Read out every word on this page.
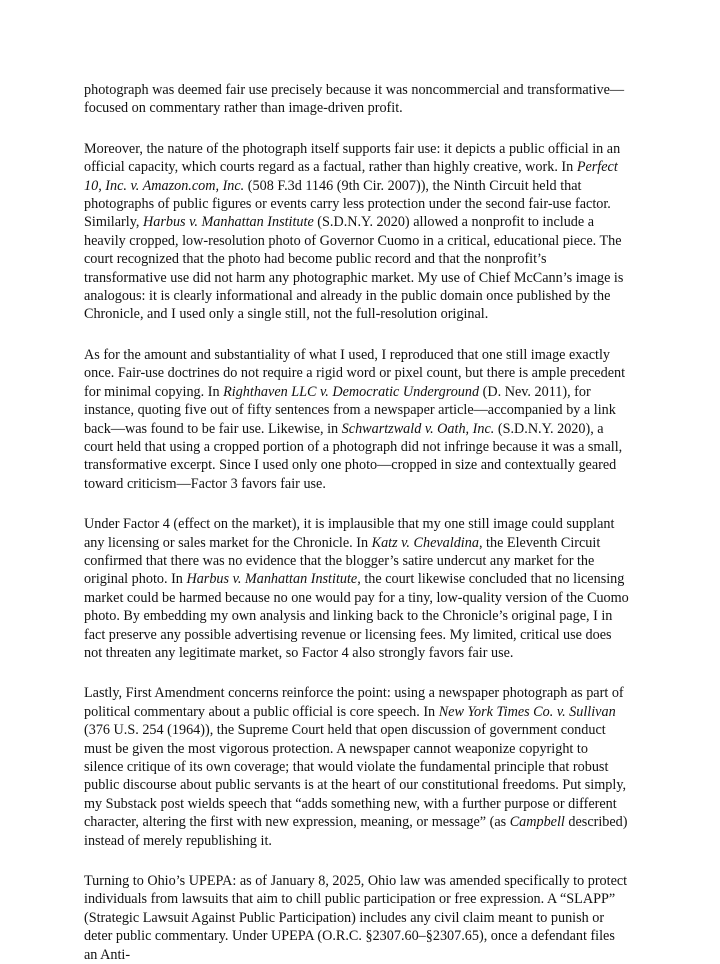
photograph was deemed fair use precisely because it was noncommercial and transformative—focused on commentary rather than image-driven profit.

Moreover, the nature of the photograph itself supports fair use: it depicts a public official in an official capacity, which courts regard as a factual, rather than highly creative, work. In Perfect 10, Inc. v. Amazon.com, Inc. (508 F.3d 1146 (9th Cir. 2007)), the Ninth Circuit held that photographs of public figures or events carry less protection under the second fair-use factor. Similarly, Harbus v. Manhattan Institute (S.D.N.Y. 2020) allowed a nonprofit to include a heavily cropped, low-resolution photo of Governor Cuomo in a critical, educational piece. The court recognized that the photo had become public record and that the nonprofit’s transformative use did not harm any photographic market. My use of Chief McCann’s image is analogous: it is clearly informational and already in the public domain once published by the Chronicle, and I used only a single still, not the full-resolution original.

As for the amount and substantiality of what I used, I reproduced that one still image exactly once. Fair-use doctrines do not require a rigid word or pixel count, but there is ample precedent for minimal copying. In Righthaven LLC v. Democratic Underground (D. Nev. 2011), for instance, quoting five out of fifty sentences from a newspaper article—accompanied by a link back—was found to be fair use. Likewise, in Schwartzwald v. Oath, Inc. (S.D.N.Y. 2020), a court held that using a cropped portion of a photograph did not infringe because it was a small, transformative excerpt. Since I used only one photo—cropped in size and contextually geared toward criticism—Factor 3 favors fair use.

Under Factor 4 (effect on the market), it is implausible that my one still image could supplant any licensing or sales market for the Chronicle. In Katz v. Chevaldina, the Eleventh Circuit confirmed that there was no evidence that the blogger’s satire undercut any market for the original photo. In Harbus v. Manhattan Institute, the court likewise concluded that no licensing market could be harmed because no one would pay for a tiny, low-quality version of the Cuomo photo. By embedding my own analysis and linking back to the Chronicle’s original page, I in fact preserve any possible advertising revenue or licensing fees. My limited, critical use does not threaten any legitimate market, so Factor 4 also strongly favors fair use.

Lastly, First Amendment concerns reinforce the point: using a newspaper photograph as part of political commentary about a public official is core speech. In New York Times Co. v. Sullivan (376 U.S. 254 (1964)), the Supreme Court held that open discussion of government conduct must be given the most vigorous protection. A newspaper cannot weaponize copyright to silence critique of its own coverage; that would violate the fundamental principle that robust public discourse about public servants is at the heart of our constitutional freedoms. Put simply, my Substack post wields speech that “adds something new, with a further purpose or different character, altering the first with new expression, meaning, or message” (as Campbell described) instead of merely republishing it.

Turning to Ohio’s UPEPA: as of January 8, 2025, Ohio law was amended specifically to protect individuals from lawsuits that aim to chill public participation or free expression. A “SLAPP” (Strategic Lawsuit Against Public Participation) includes any civil claim meant to punish or deter public commentary. Under UPEPA (O.R.C. §2307.60–§2307.65), once a defendant files an Anti-
